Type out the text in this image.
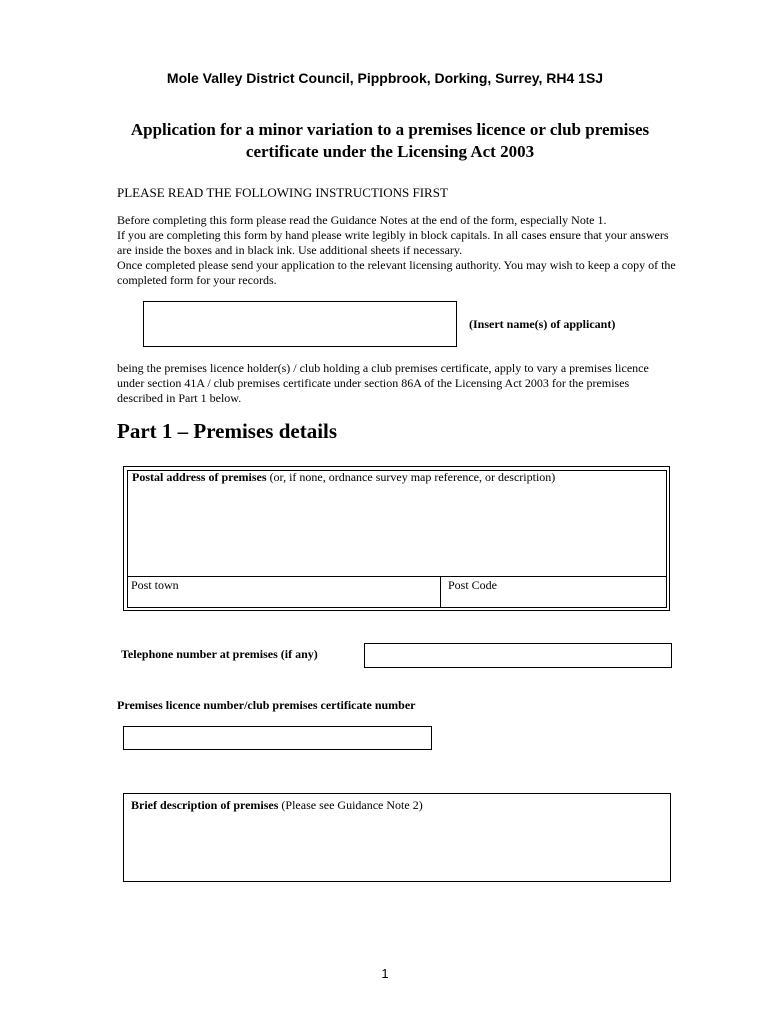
Mole Valley District Council, Pippbrook, Dorking, Surrey, RH4 1SJ
Application for a minor variation to a premises licence or club premises
certificate under the Licensing Act 2003
PLEASE READ THE FOLLOWING INSTRUCTIONS FIRST
Before completing this form please read the Guidance Notes at the end of the form, especially Note 1.
If you are completing this form by hand please write legibly in block capitals. In all cases ensure that your answers are inside the boxes and in black ink. Use additional sheets if necessary.
Once completed please send your application to the relevant licensing authority. You may wish to keep a copy of the completed form for your records.
(Insert name(s) of applicant)
being the premises licence holder(s) / club holding a club premises certificate, apply to vary a premises licence under section 41A / club premises certificate under section 86A of the Licensing Act 2003 for the premises described in Part 1 below.
Part 1 – Premises details
Postal address of premises (or, if none, ordnance survey map reference, or description)
Post town	Post Code
Telephone number at premises (if any)
Premises licence number/club premises certificate number
Brief description of premises (Please see Guidance Note 2)
1
